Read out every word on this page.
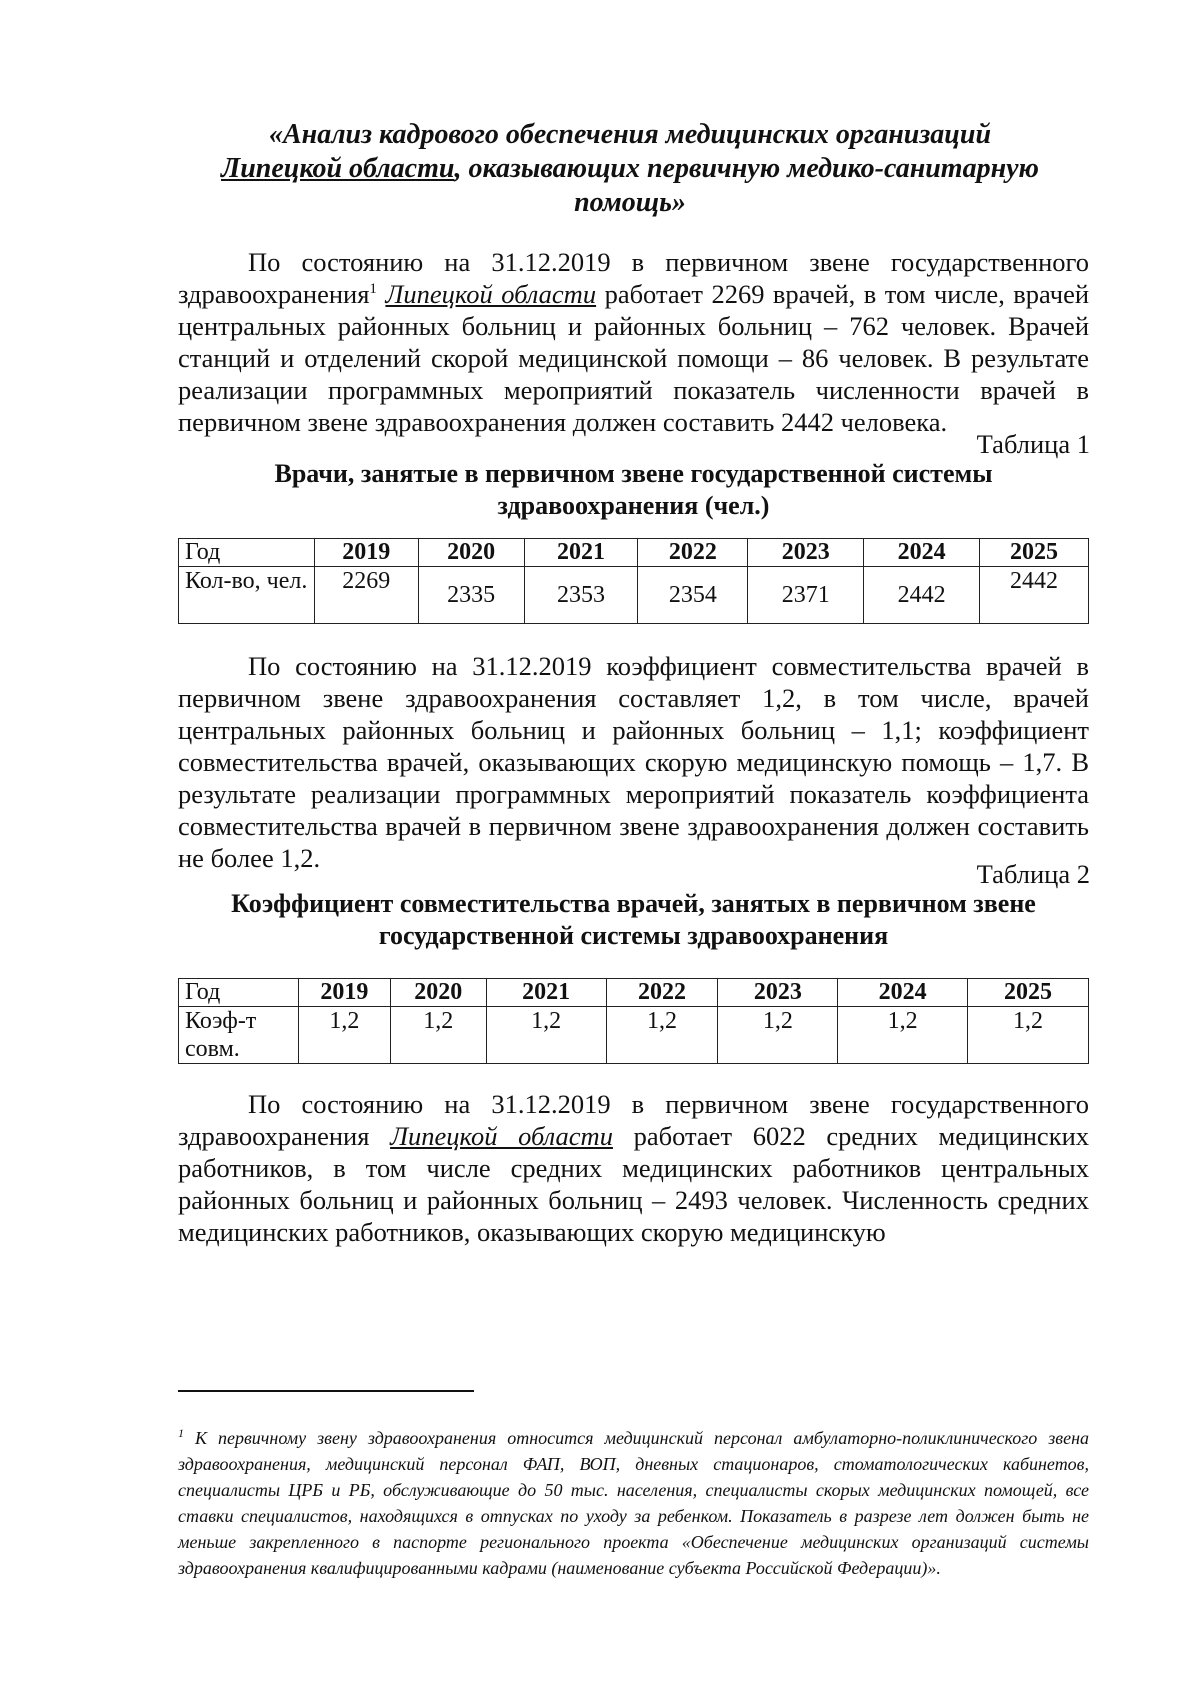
«Анализ кадрового обеспечения медицинских организаций
Липецкой области, оказывающих первичную медико-санитарную
помощь»

По состоянию на 31.12.2019 в первичном звене государственного здравоохранения$^1$ Липецкой области работает 2269 врачей, в том числе, врачей центральных районных больниц и районных больниц – 762 человек. Врачей станций и отделений скорой медицинской помощи – 86 человек. В результате реализации программных мероприятий показатель численности врачей в первичном звене здравоохранения должен составить 2442 человека.

Таблица 1
Врачи, занятые в первичном звене государственной системы здравоохранения (чел.)
Год	2019	2020	2021	2022	2023	2024	2025
Кол-во, чел.	2269	2335	2353	2354	2371	2442	2442

По состоянию на 31.12.2019 коэффициент совместительства врачей в первичном звене здравоохранения составляет 1,2, в том числе, врачей центральных районных больниц и районных больниц – 1,1; коэффициент совместительства врачей, оказывающих скорую медицинскую помощь – 1,7. В результате реализации программных мероприятий показатель коэффициента совместительства врачей в первичном звене здравоохранения должен составить не более 1,2.

Таблица 2
Коэффициент совместительства врачей, занятых в первичном звене государственной системы здравоохранения
Год	2019	2020	2021	2022	2023	2024	2025
Коэф-т совм.	1,2	1,2	1,2	1,2	1,2	1,2	1,2

По состоянию на 31.12.2019 в первичном звене государственного здравоохранения Липецкой области работает 6022 средних медицинских работников, в том числе средних медицинских работников центральных районных больниц и районных больниц – 2493 человек. Численность средних медицинских работников, оказывающих скорую медицинскую

$^1$ К первичному звену здравоохранения относится медицинский персонал амбулаторно-поликлинического звена здравоохранения, медицинский персонал ФАП, ВОП, дневных стационаров, стоматологических кабинетов, специалисты ЦРБ и РБ, обслуживающие до 50 тыс. населения, специалисты скорых медицинских помощей, все ставки специалистов, находящихся в отпусках по уходу за ребенком. Показатель в разрезе лет должен быть не меньше закрепленного в паспорте регионального проекта «Обеспечение медицинских организаций системы здравоохранения квалифицированными кадрами (наименование субъекта Российской Федерации)».
